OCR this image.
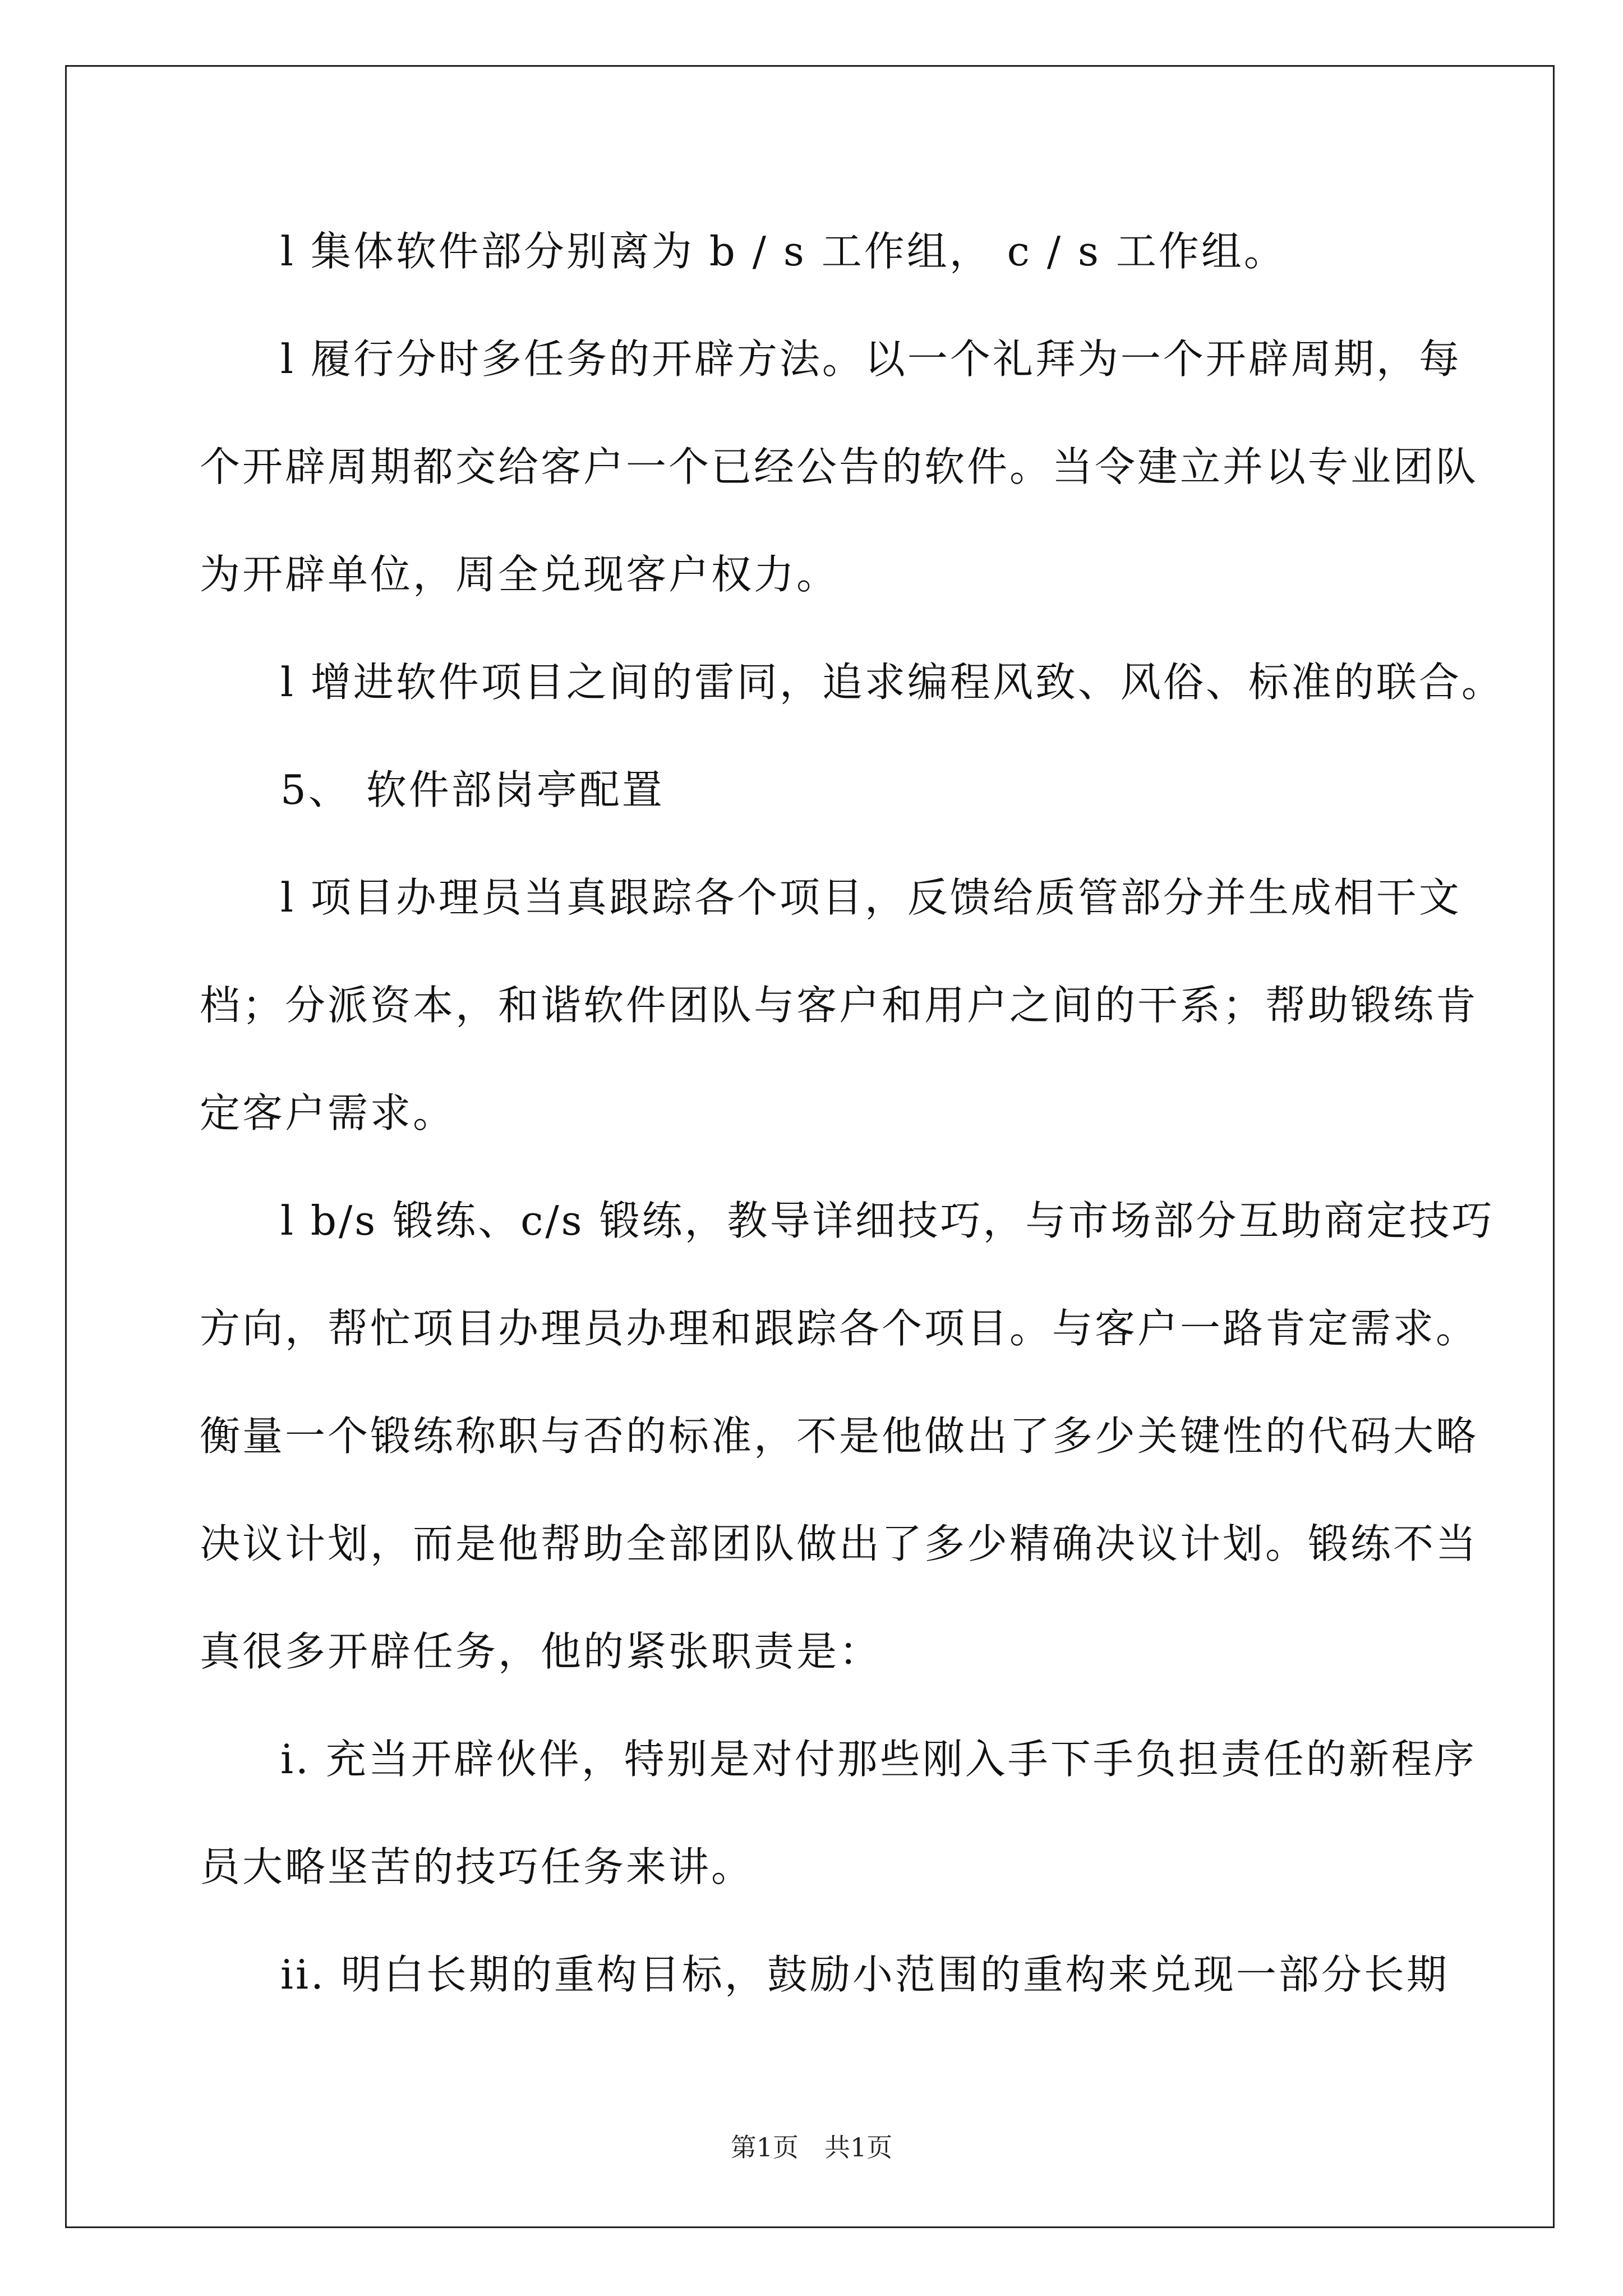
l 集体软件部分别离为 b / s 工作组， c / s 工作组。
l 履行分时多任务的开辟方法。以一个礼拜为一个开辟周期，每
个开辟周期都交给客户一个已经公告的软件。当令建立并以专业团队
为开辟单位，周全兑现客户权力。
l 增进软件项目之间的雷同，追求编程风致、风俗、标准的联合。
5、 软件部岗亭配置
l 项目办理员当真跟踪各个项目，反馈给质管部分并生成相干文
档；分派资本，和谐软件团队与客户和用户之间的干系；帮助锻练肯
定客户需求。
l b/s 锻练、c/s 锻练，教导详细技巧，与市场部分互助商定技巧
方向，帮忙项目办理员办理和跟踪各个项目。与客户一路肯定需求。
衡量一个锻练称职与否的标准，不是他做出了多少关键性的代码大略
决议计划，而是他帮助全部团队做出了多少精确决议计划。锻练不当
真很多开辟任务，他的紧张职责是：
i. 充当开辟伙伴，特别是对付那些刚入手下手负担责任的新程序
员大略坚苦的技巧任务来讲。
ii. 明白长期的重构目标，鼓励小范围的重构来兑现一部分长期
第1页　共1页
